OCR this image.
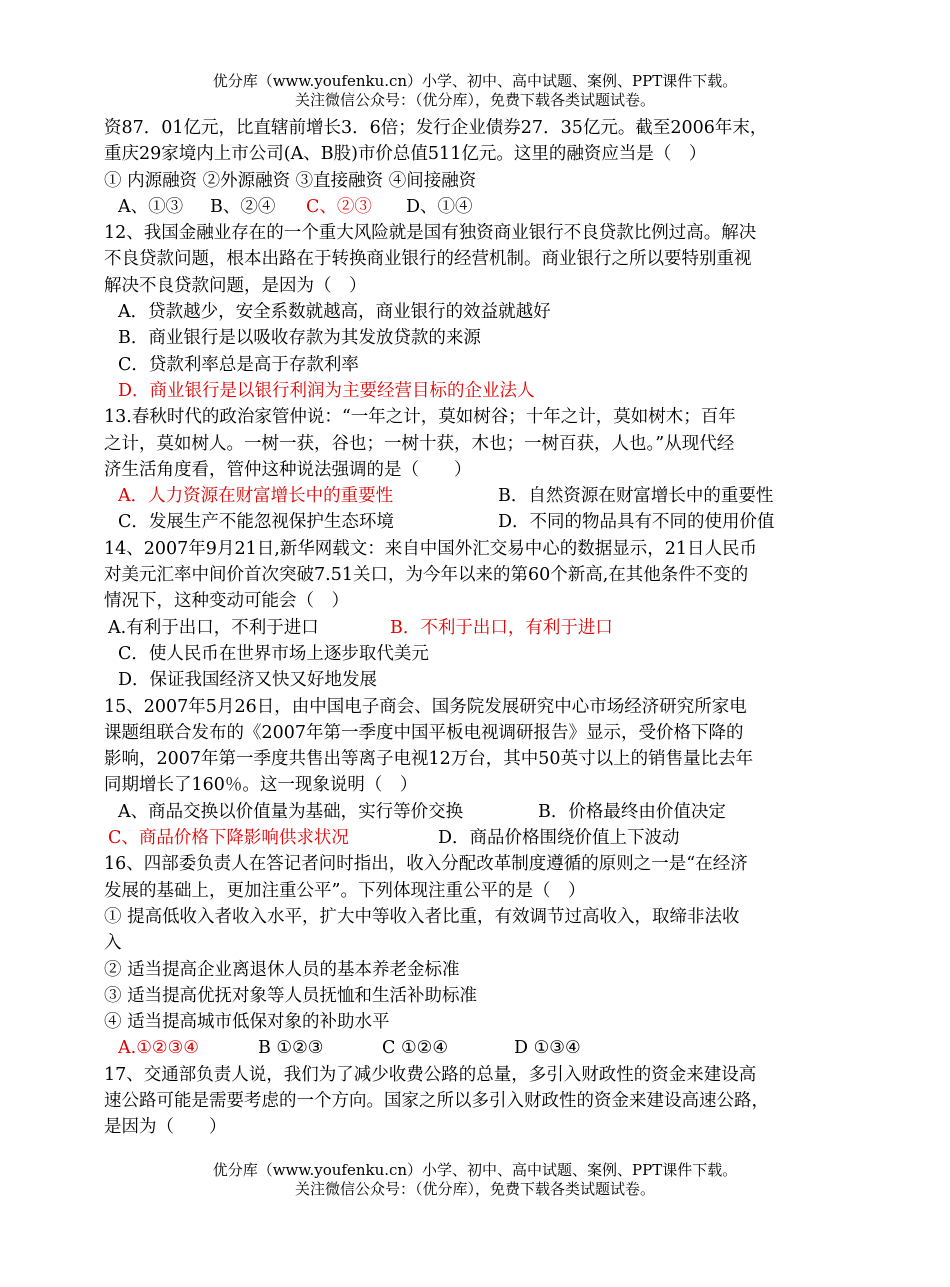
优分库（www.youfenku.cn）小学、初中、高中试题、案例、PPT课件下载。
关注微信公众号：（优分库），免费下载各类试题试卷。
资87．01亿元，比直辖前增长3．6倍；发行企业债券27．35亿元。截至2006年末，
重庆29家境内上市公司(A、B股)市价总值511亿元。这里的融资应当是（　）
① 内源融资 ②外源融资 ③直接融资 ④间接融资
A、①③ B、②④ C、②③ D、①④
12、我国金融业存在的一个重大风险就是国有独资商业银行不良贷款比例过高。解决
不良贷款问题，根本出路在于转换商业银行的经营机制。商业银行之所以要特别重视
解决不良贷款问题，是因为（　）
A．贷款越少，安全系数就越高，商业银行的效益就越好
B．商业银行是以吸收存款为其发放贷款的来源
C．贷款利率总是高于存款利率
D．商业银行是以银行利润为主要经营目标的企业法人
13.春秋时代的政治家管仲说：“一年之计，莫如树谷；十年之计，莫如树木；百年
之计，莫如树人。一树一获，谷也；一树十获，木也；一树百获，人也。”从现代经
济生活角度看，管仲这种说法强调的是（　　）
A．人力资源在财富增长中的重要性	B．自然资源在财富增长中的重要性
C．发展生产不能忽视保护生态环境	D．不同的物品具有不同的使用价值
14、2007年9月21日,新华网载文：来自中国外汇交易中心的数据显示，21日人民币
对美元汇率中间价首次突破7.51关口，为今年以来的第60个新高,在其他条件不变的
情况下，这种变动可能会（　）
A.有利于出口，不利于进口	B．不利于出口，有利于进口
C．使人民币在世界市场上逐步取代美元
D．保证我国经济又快又好地发展
15、2007年5月26日，由中国电子商会、国务院发展研究中心市场经济研究所家电
课题组联合发布的《2007年第一季度中国平板电视调研报告》显示，受价格下降的
影响，2007年第一季度共售出等离子电视12万台，其中50英寸以上的销售量比去年
同期增长了160％。这一现象说明（　）
A、商品交换以价值量为基础，实行等价交换	B．价格最终由价值决定
C、商品价格下降影响供求状况	D．商品价格围绕价值上下波动
16、四部委负责人在答记者问时指出，收入分配改革制度遵循的原则之一是“在经济
发展的基础上，更加注重公平”。下列体现注重公平的是（　）
① 提高低收入者收入水平，扩大中等收入者比重，有效调节过高收入，取缔非法收
入
② 适当提高企业离退休人员的基本养老金标准
③ 适当提高优抚对象等人员抚恤和生活补助标准
④ 适当提高城市低保对象的补助水平
A.①②③④	B ①②③	C ①②④	D ①③④
17、交通部负责人说，我们为了减少收费公路的总量，多引入财政性的资金来建设高
速公路可能是需要考虑的一个方向。国家之所以多引入财政性的资金来建设高速公路，
是因为（　　）
优分库（www.youfenku.cn）小学、初中、高中试题、案例、PPT课件下载。
关注微信公众号：（优分库），免费下载各类试题试卷。
